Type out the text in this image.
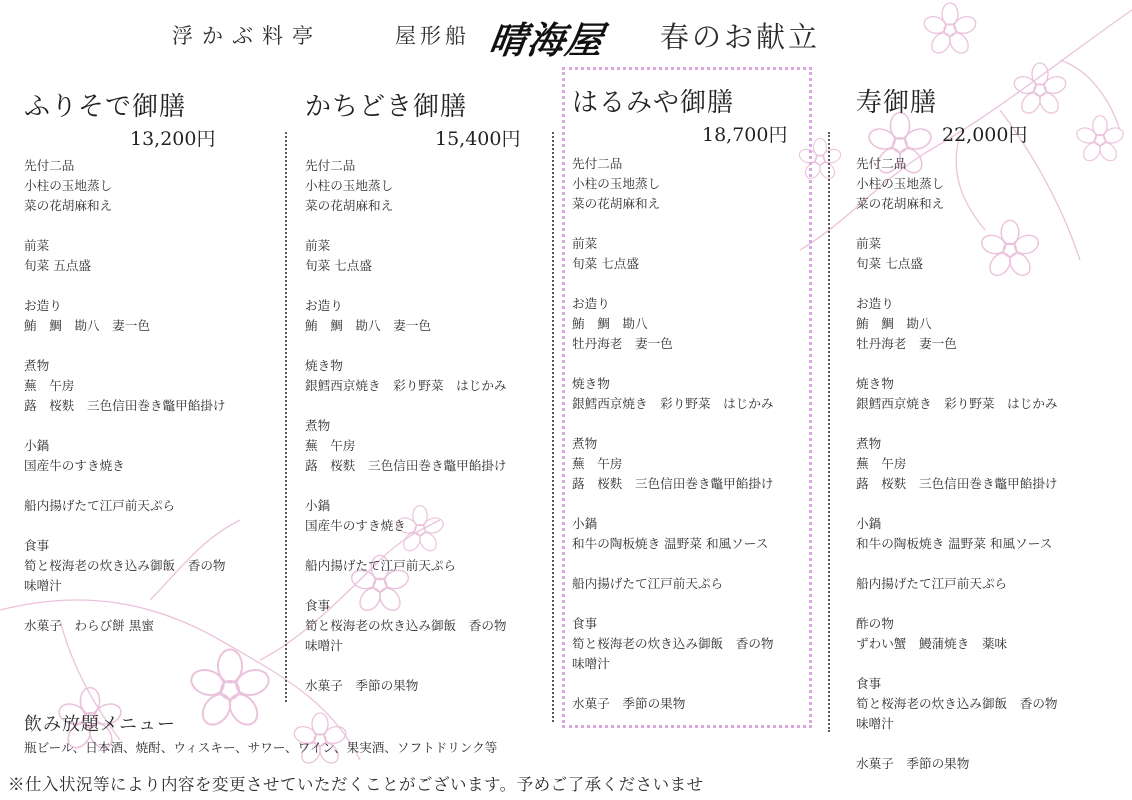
浮かぶ料亭	屋形船 晴海屋 春のお献立
ふりそで御膳
13,200円
先付二品
小柱の玉地蒸し
菜の花胡麻和え
前菜
旬菜 五点盛
お造り
鮪　鯛　勘八　妻一色
煮物
蕪　午房
蕗　桜麩　三色信田巻き鼈甲餡掛け
小鍋
国産牛のすき焼き
船内揚げたて江戸前天ぷら
食事
筍と桜海老の炊き込み御飯　香の物
味噌汁
水菓子　わらび餅 黒蜜
かちどき御膳
15,400円
先付二品
小柱の玉地蒸し
菜の花胡麻和え
前菜
旬菜 七点盛
お造り
鮪　鯛　勘八　妻一色
焼き物
銀鱈西京焼き　彩り野菜　はじかみ
煮物
蕪　午房
蕗　桜麩　三色信田巻き鼈甲餡掛け
小鍋
国産牛のすき焼き
船内揚げたて江戸前天ぷら
食事
筍と桜海老の炊き込み御飯　香の物
味噌汁
水菓子　季節の果物
はるみや御膳
18,700円
先付二品
小柱の玉地蒸し
菜の花胡麻和え
前菜
旬菜 七点盛
お造り
鮪　鯛　勘八
牡丹海老　妻一色
焼き物
銀鱈西京焼き　彩り野菜　はじかみ
煮物
蕪　午房
蕗　桜麩　三色信田巻き鼈甲餡掛け
小鍋
和牛の陶板焼き 温野菜 和風ソース
船内揚げたて江戸前天ぷら
食事
筍と桜海老の炊き込み御飯　香の物
味噌汁
水菓子　季節の果物
寿御膳
22,000円
先付二品
小柱の玉地蒸し
菜の花胡麻和え
前菜
旬菜 七点盛
お造り
鮪　鯛　勘八
牡丹海老　妻一色
焼き物
銀鱈西京焼き　彩り野菜　はじかみ
煮物
蕪　午房
蕗　桜麩　三色信田巻き鼈甲餡掛け
小鍋
和牛の陶板焼き 温野菜 和風ソース
船内揚げたて江戸前天ぷら
酢の物
ずわい蟹　鰻蒲焼き　薬味
食事
筍と桜海老の炊き込み御飯　香の物
味噌汁
水菓子　季節の果物
飲み放題メニュー
瓶ビール、日本酒、焼酎、ウィスキー、サワー、ワイン、果実酒、ソフトドリンク等
※仕入状況等により内容を変更させていただくことがございます。予めご了承くださいませ
